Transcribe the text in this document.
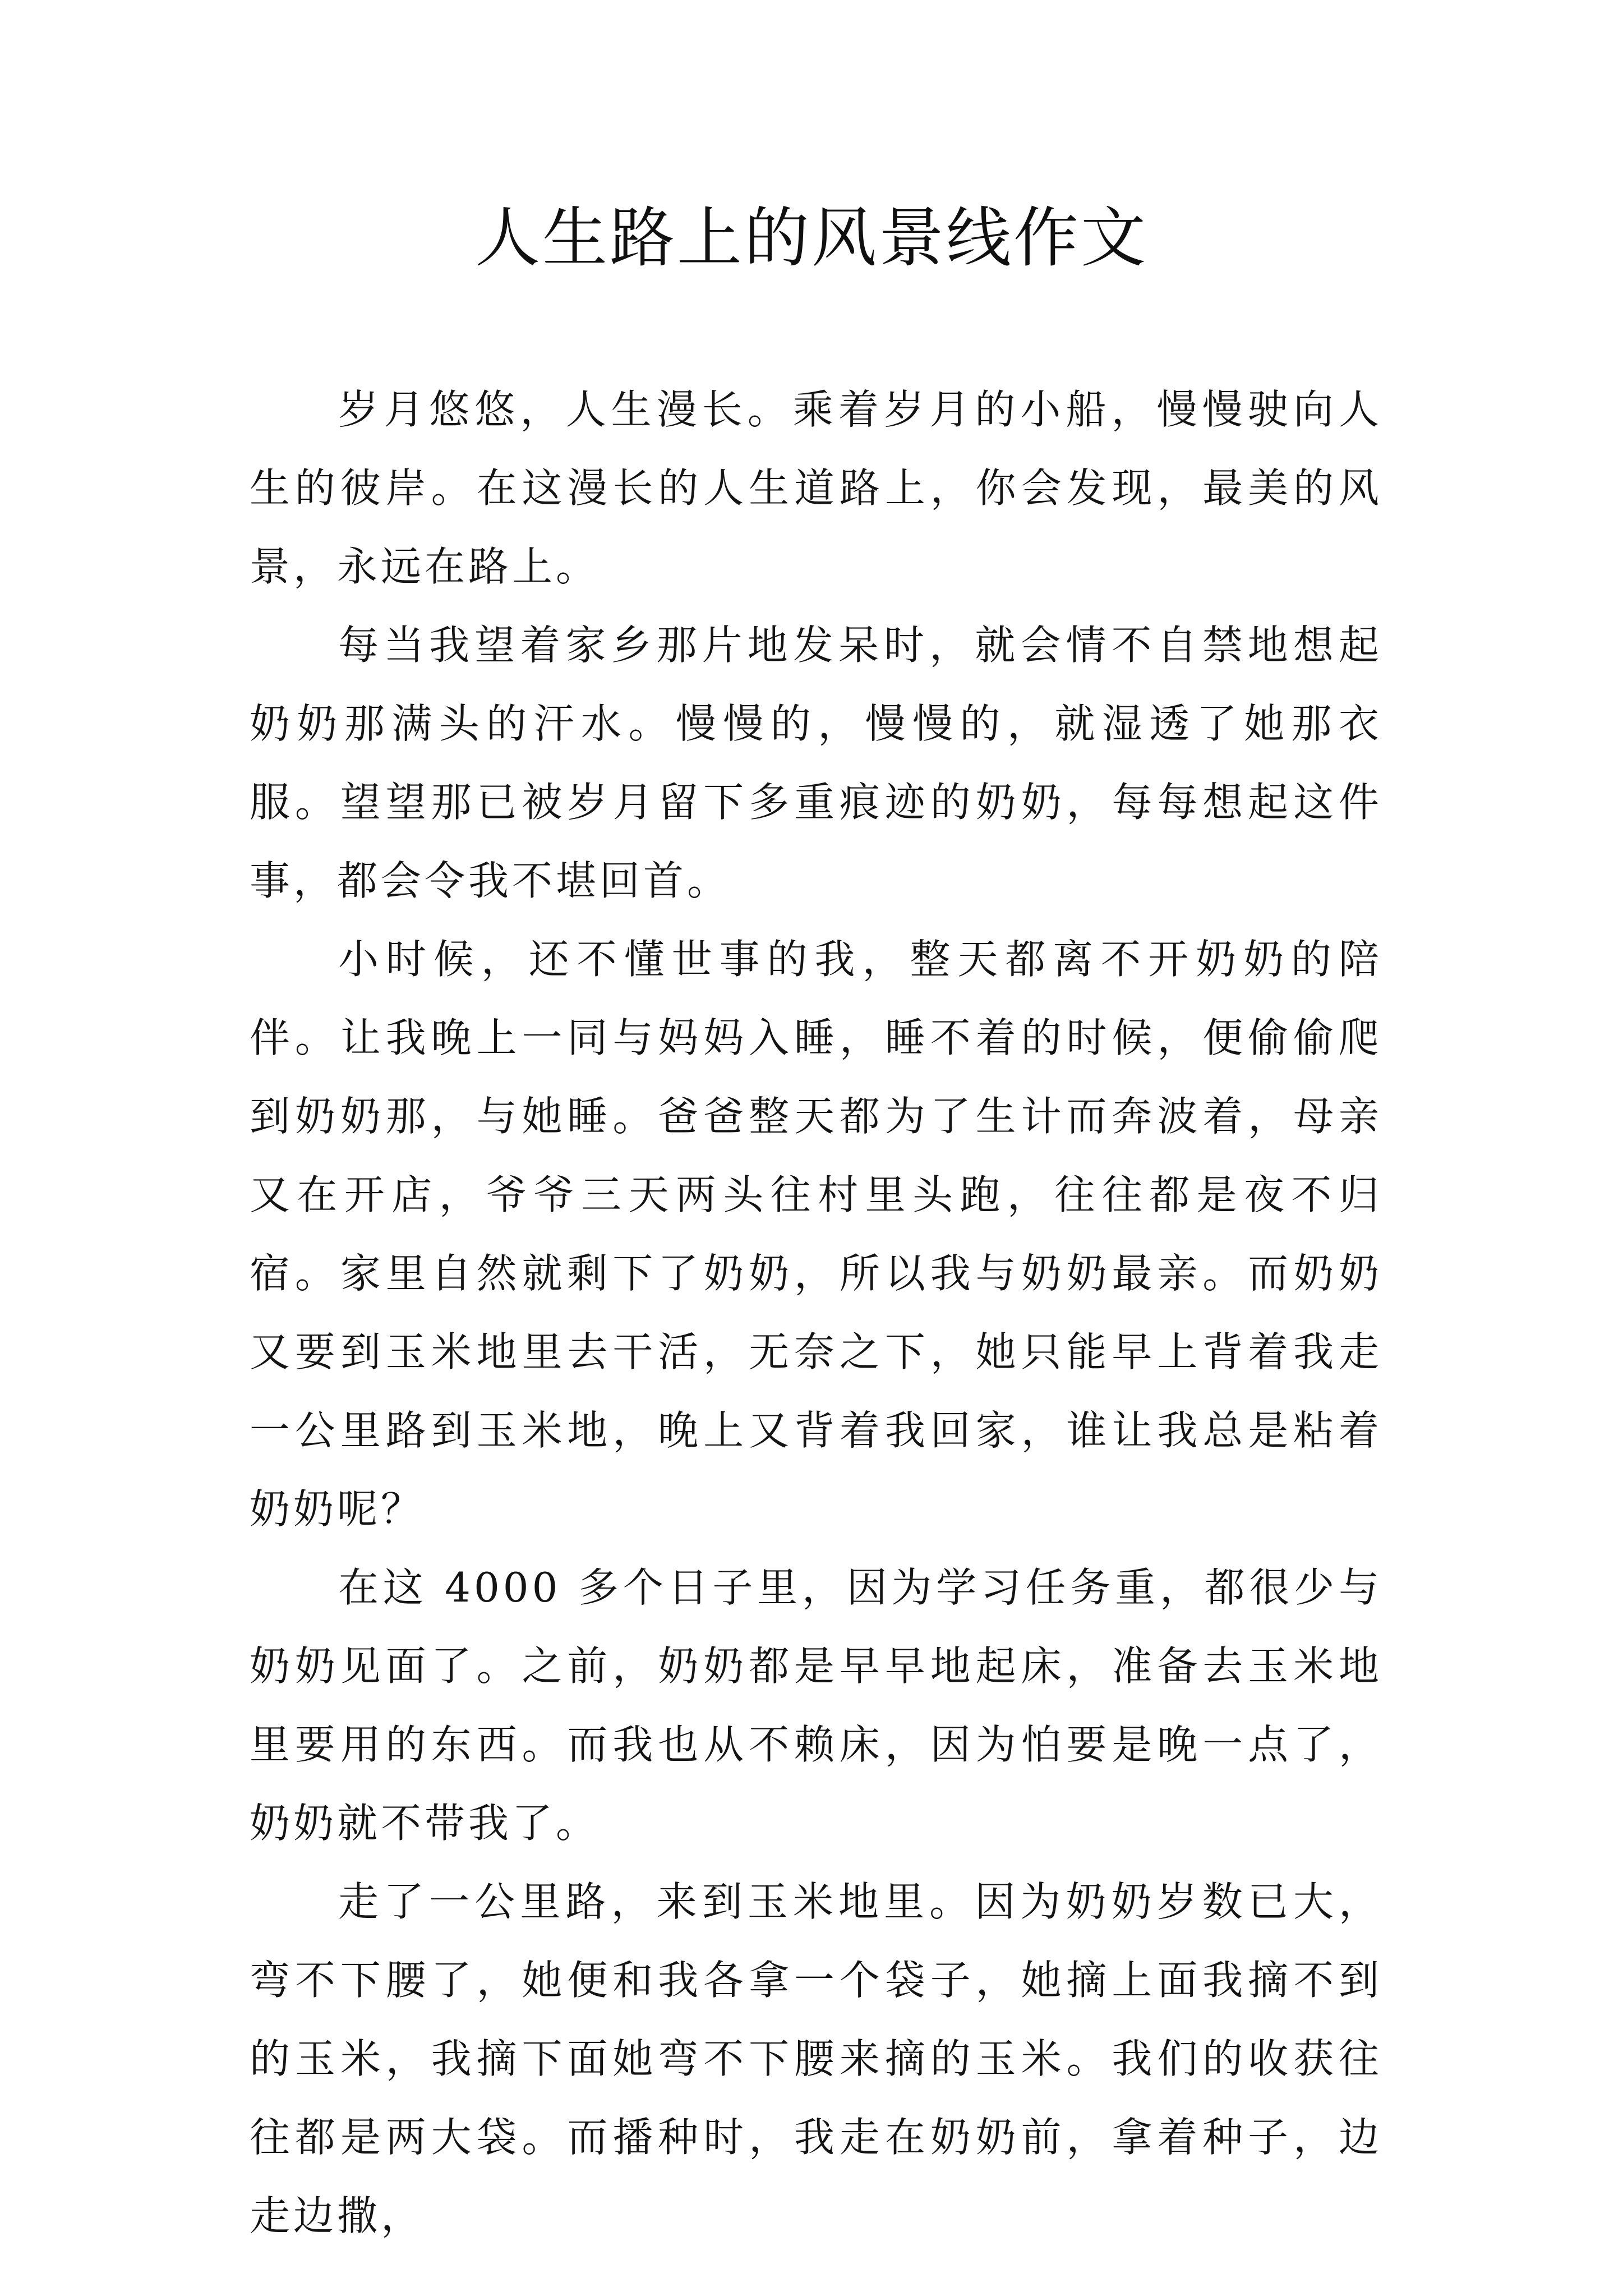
人生路上的风景线作文

岁月悠悠，人生漫长。乘着岁月的小船，慢慢驶向人生的彼岸。在这漫长的人生道路上，你会发现，最美的风景，永远在路上。

每当我望着家乡那片地发呆时，就会情不自禁地想起奶奶那满头的汗水。慢慢的，慢慢的，就湿透了她那衣服。望望那已被岁月留下多重痕迹的奶奶，每每想起这件事，都会令我不堪回首。

小时候，还不懂世事的我，整天都离不开奶奶的陪伴。让我晚上一同与妈妈入睡，睡不着的时候，便偷偷爬到奶奶那，与她睡。爸爸整天都为了生计而奔波着，母亲又在开店，爷爷三天两头往村里头跑，往往都是夜不归宿。家里自然就剩下了奶奶，所以我与奶奶最亲。而奶奶又要到玉米地里去干活，无奈之下，她只能早上背着我走一公里路到玉米地，晚上又背着我回家，谁让我总是粘着奶奶呢？

在这 4000 多个日子里，因为学习任务重，都很少与奶奶见面了。之前，奶奶都是早早地起床，准备去玉米地里要用的东西。而我也从不赖床，因为怕要是晚一点了，奶奶就不带我了。

走了一公里路，来到玉米地里。因为奶奶岁数已大，弯不下腰了，她便和我各拿一个袋子，她摘上面我摘不到的玉米，我摘下面她弯不下腰来摘的玉米。我们的收获往往都是两大袋。而播种时，我走在奶奶前，拿着种子，边走边撒，
